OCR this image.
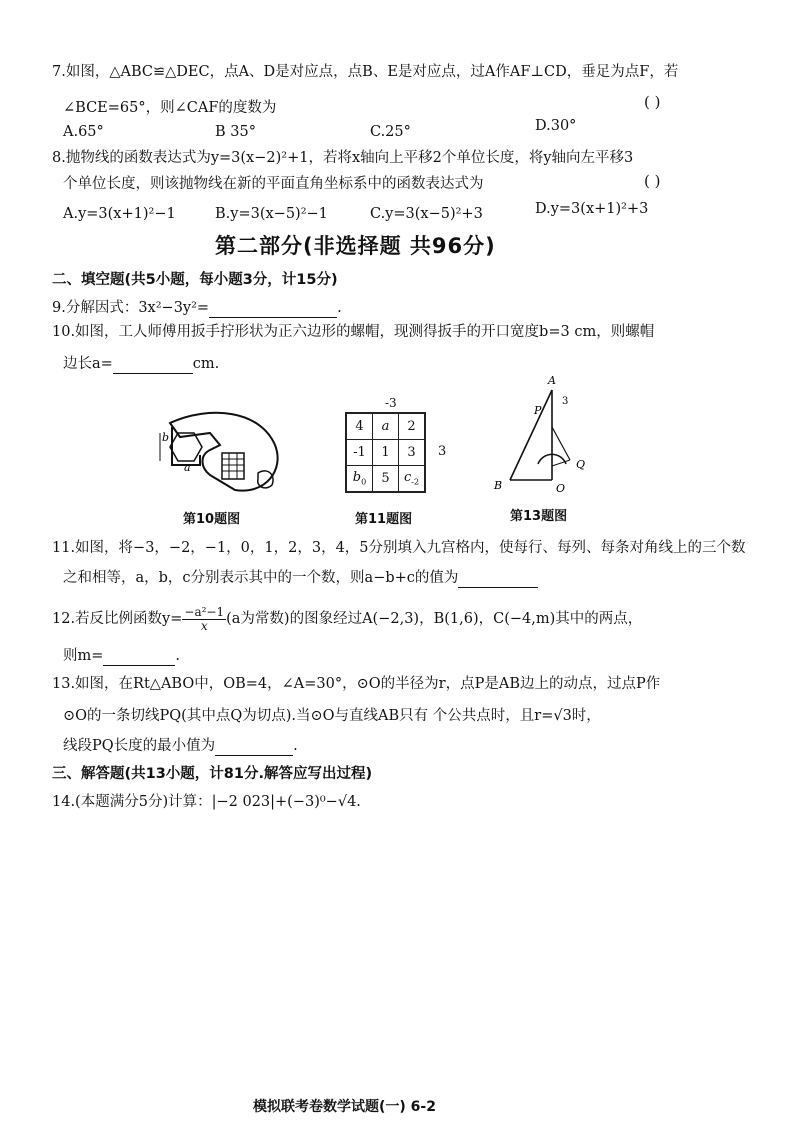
7.如图，△ABC≌△DEC，点A、D是对应点，点B、E是对应点，过A作AF⊥CD，垂足为点F，若
∠BCE=65°，则∠CAF的度数为	( )
A.65°	B 35°	C.25°	D.30°
8.抛物线的函数表达式为y=3(x−2)²+1，若将x轴向上平移2个单位长度，将y轴向左平移3
个单位长度，则该抛物线在新的平面直角坐标系中的函数表达式为	( )
A.y=3(x+1)²−1	B.y=3(x−5)²−1	C.y=3(x−5)²+3	D.y=3(x+1)²+3
第二部分(非选择题 共96分)
二、填空题(共5小题，每小题3分，计15分)
9.分解因式：3x²−3y²=	.
10.如图，工人师傅用扳手拧形状为正六边形的螺帽，现测得扳手的开口宽度b=3 cm，则螺帽
边长a=	cm.
b
a
第10题图
-3
4	a	2
-1	1	3
$b_0$	5	$c_{-2}$
3
第11题图
A
3
P
Q
B	O
第13题图
11.如图，将−3，−2，−1，0，1，2，3，4，5分别填入九宫格内，使每行、每列、每条对角线上的三个数
之和相等，a，b，c分别表示其中的一个数，则a−b+c的值为
12.若反比例函数$y= \frac{\text{−a²−1}}{x} (a$为常数)的图象经过A(−2,3)，B(1,6)，C(−4,m)其中的两点，
则m=	.
13.如图，在Rt△ABO中，OB=4，∠A=30°，⊙O的半径为r，点P是AB边上的动点，过点P作
⊙O的一条切线PQ(其中点Q为切点).当⊙O与直线AB只有 个公共点时，且r=√3时，
线段PQ长度的最小值为	.
三、解答题(共13小题，计81分.解答应写出过程)
14.(本题满分5分)计算：|−2 023|+(−3)⁰−√4.
模拟联考卷数学试题(一) 6-2
